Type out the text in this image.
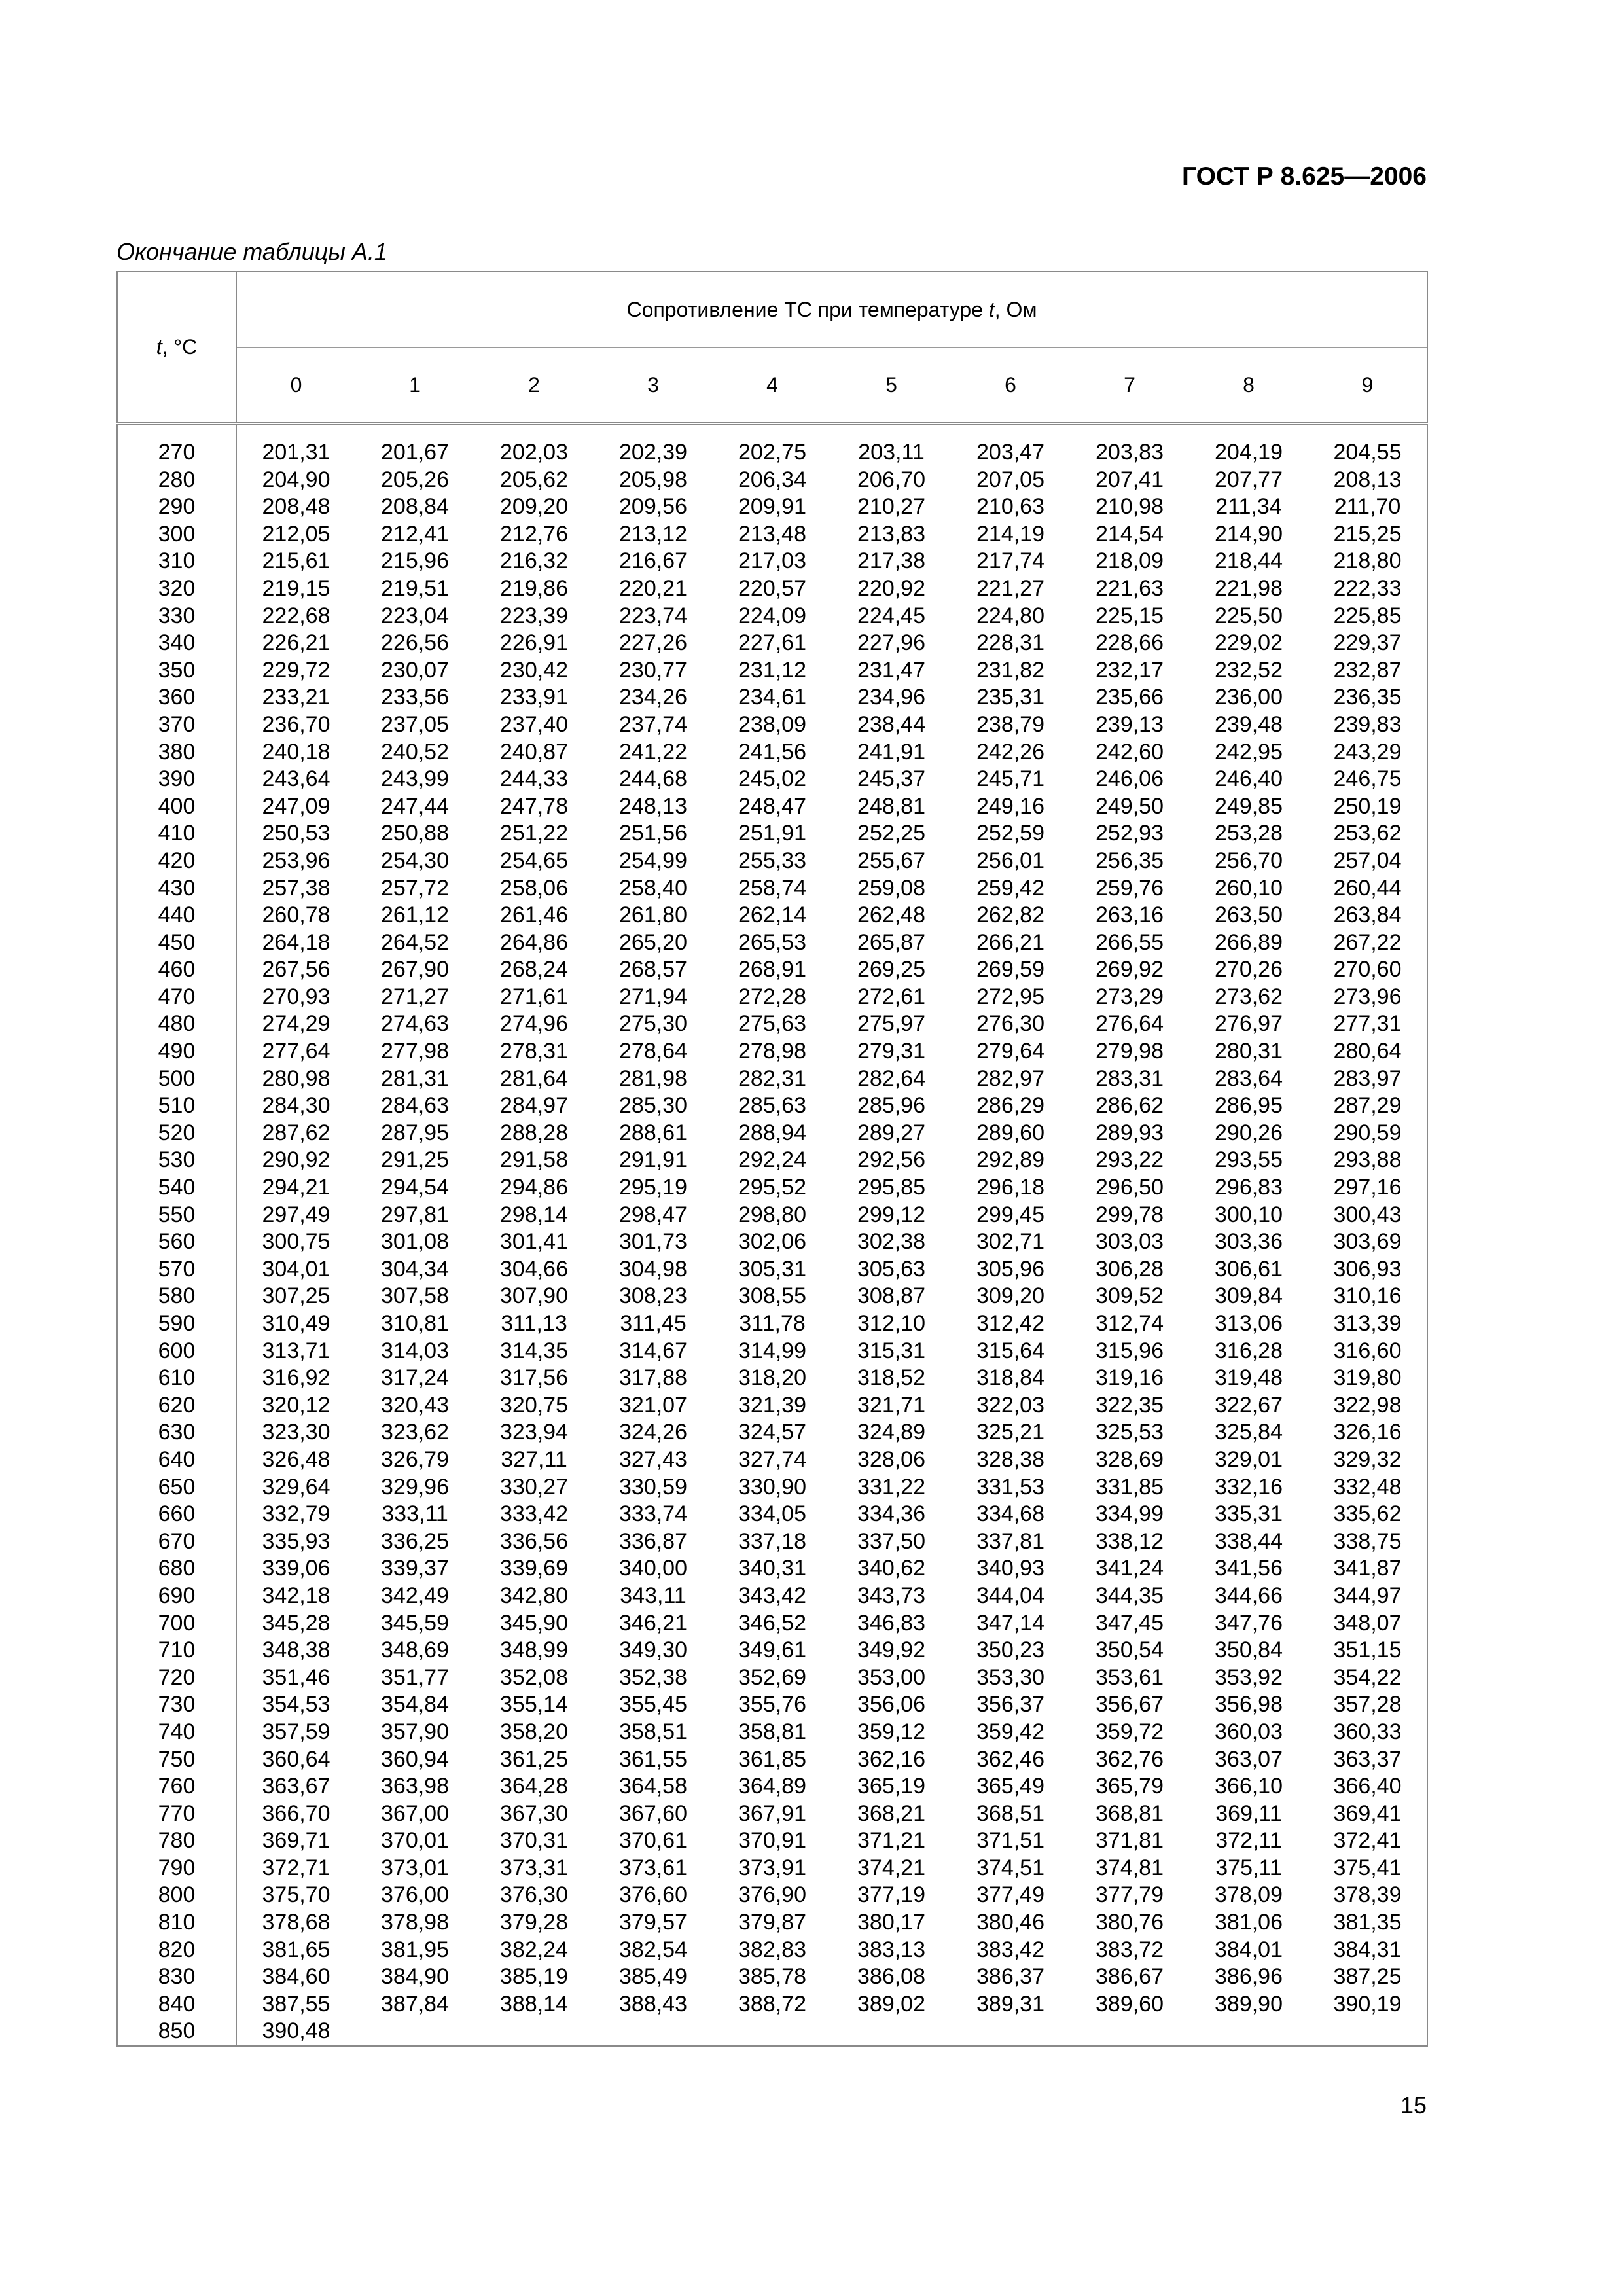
ГОСТ Р 8.625—2006
Окончание таблицы А.1
t, °С	Сопротивление ТС при температуре t, Ом									
	0	1	2	3	4	5	6	7	8	9
270	201,31	201,67	202,03	202,39	202,75	203,11	203,47	203,83	204,19	204,55
280	204,90	205,26	205,62	205,98	206,34	206,70	207,05	207,41	207,77	208,13
290	208,48	208,84	209,20	209,56	209,91	210,27	210,63	210,98	211,34	211,70
300	212,05	212,41	212,76	213,12	213,48	213,83	214,19	214,54	214,90	215,25
310	215,61	215,96	216,32	216,67	217,03	217,38	217,74	218,09	218,44	218,80
320	219,15	219,51	219,86	220,21	220,57	220,92	221,27	221,63	221,98	222,33
330	222,68	223,04	223,39	223,74	224,09	224,45	224,80	225,15	225,50	225,85
340	226,21	226,56	226,91	227,26	227,61	227,96	228,31	228,66	229,02	229,37
350	229,72	230,07	230,42	230,77	231,12	231,47	231,82	232,17	232,52	232,87
360	233,21	233,56	233,91	234,26	234,61	234,96	235,31	235,66	236,00	236,35
370	236,70	237,05	237,40	237,74	238,09	238,44	238,79	239,13	239,48	239,83
380	240,18	240,52	240,87	241,22	241,56	241,91	242,26	242,60	242,95	243,29
390	243,64	243,99	244,33	244,68	245,02	245,37	245,71	246,06	246,40	246,75
400	247,09	247,44	247,78	248,13	248,47	248,81	249,16	249,50	249,85	250,19
410	250,53	250,88	251,22	251,56	251,91	252,25	252,59	252,93	253,28	253,62
420	253,96	254,30	254,65	254,99	255,33	255,67	256,01	256,35	256,70	257,04
430	257,38	257,72	258,06	258,40	258,74	259,08	259,42	259,76	260,10	260,44
440	260,78	261,12	261,46	261,80	262,14	262,48	262,82	263,16	263,50	263,84
450	264,18	264,52	264,86	265,20	265,53	265,87	266,21	266,55	266,89	267,22
460	267,56	267,90	268,24	268,57	268,91	269,25	269,59	269,92	270,26	270,60
470	270,93	271,27	271,61	271,94	272,28	272,61	272,95	273,29	273,62	273,96
480	274,29	274,63	274,96	275,30	275,63	275,97	276,30	276,64	276,97	277,31
490	277,64	277,98	278,31	278,64	278,98	279,31	279,64	279,98	280,31	280,64
500	280,98	281,31	281,64	281,98	282,31	282,64	282,97	283,31	283,64	283,97
510	284,30	284,63	284,97	285,30	285,63	285,96	286,29	286,62	286,95	287,29
520	287,62	287,95	288,28	288,61	288,94	289,27	289,60	289,93	290,26	290,59
530	290,92	291,25	291,58	291,91	292,24	292,56	292,89	293,22	293,55	293,88
540	294,21	294,54	294,86	295,19	295,52	295,85	296,18	296,50	296,83	297,16
550	297,49	297,81	298,14	298,47	298,80	299,12	299,45	299,78	300,10	300,43
560	300,75	301,08	301,41	301,73	302,06	302,38	302,71	303,03	303,36	303,69
570	304,01	304,34	304,66	304,98	305,31	305,63	305,96	306,28	306,61	306,93
580	307,25	307,58	307,90	308,23	308,55	308,87	309,20	309,52	309,84	310,16
590	310,49	310,81	311,13	311,45	311,78	312,10	312,42	312,74	313,06	313,39
600	313,71	314,03	314,35	314,67	314,99	315,31	315,64	315,96	316,28	316,60
610	316,92	317,24	317,56	317,88	318,20	318,52	318,84	319,16	319,48	319,80
620	320,12	320,43	320,75	321,07	321,39	321,71	322,03	322,35	322,67	322,98
630	323,30	323,62	323,94	324,26	324,57	324,89	325,21	325,53	325,84	326,16
640	326,48	326,79	327,11	327,43	327,74	328,06	328,38	328,69	329,01	329,32
650	329,64	329,96	330,27	330,59	330,90	331,22	331,53	331,85	332,16	332,48
660	332,79	333,11	333,42	333,74	334,05	334,36	334,68	334,99	335,31	335,62
670	335,93	336,25	336,56	336,87	337,18	337,50	337,81	338,12	338,44	338,75
680	339,06	339,37	339,69	340,00	340,31	340,62	340,93	341,24	341,56	341,87
690	342,18	342,49	342,80	343,11	343,42	343,73	344,04	344,35	344,66	344,97
700	345,28	345,59	345,90	346,21	346,52	346,83	347,14	347,45	347,76	348,07
710	348,38	348,69	348,99	349,30	349,61	349,92	350,23	350,54	350,84	351,15
720	351,46	351,77	352,08	352,38	352,69	353,00	353,30	353,61	353,92	354,22
730	354,53	354,84	355,14	355,45	355,76	356,06	356,37	356,67	356,98	357,28
740	357,59	357,90	358,20	358,51	358,81	359,12	359,42	359,72	360,03	360,33
750	360,64	360,94	361,25	361,55	361,85	362,16	362,46	362,76	363,07	363,37
760	363,67	363,98	364,28	364,58	364,89	365,19	365,49	365,79	366,10	366,40
770	366,70	367,00	367,30	367,60	367,91	368,21	368,51	368,81	369,11	369,41
780	369,71	370,01	370,31	370,61	370,91	371,21	371,51	371,81	372,11	372,41
790	372,71	373,01	373,31	373,61	373,91	374,21	374,51	374,81	375,11	375,41
800	375,70	376,00	376,30	376,60	376,90	377,19	377,49	377,79	378,09	378,39
810	378,68	378,98	379,28	379,57	379,87	380,17	380,46	380,76	381,06	381,35
820	381,65	381,95	382,24	382,54	382,83	383,13	383,42	383,72	384,01	384,31
830	384,60	384,90	385,19	385,49	385,78	386,08	386,37	386,67	386,96	387,25
840	387,55	387,84	388,14	388,43	388,72	389,02	389,31	389,60	389,90	390,19
850	390,48									
15
